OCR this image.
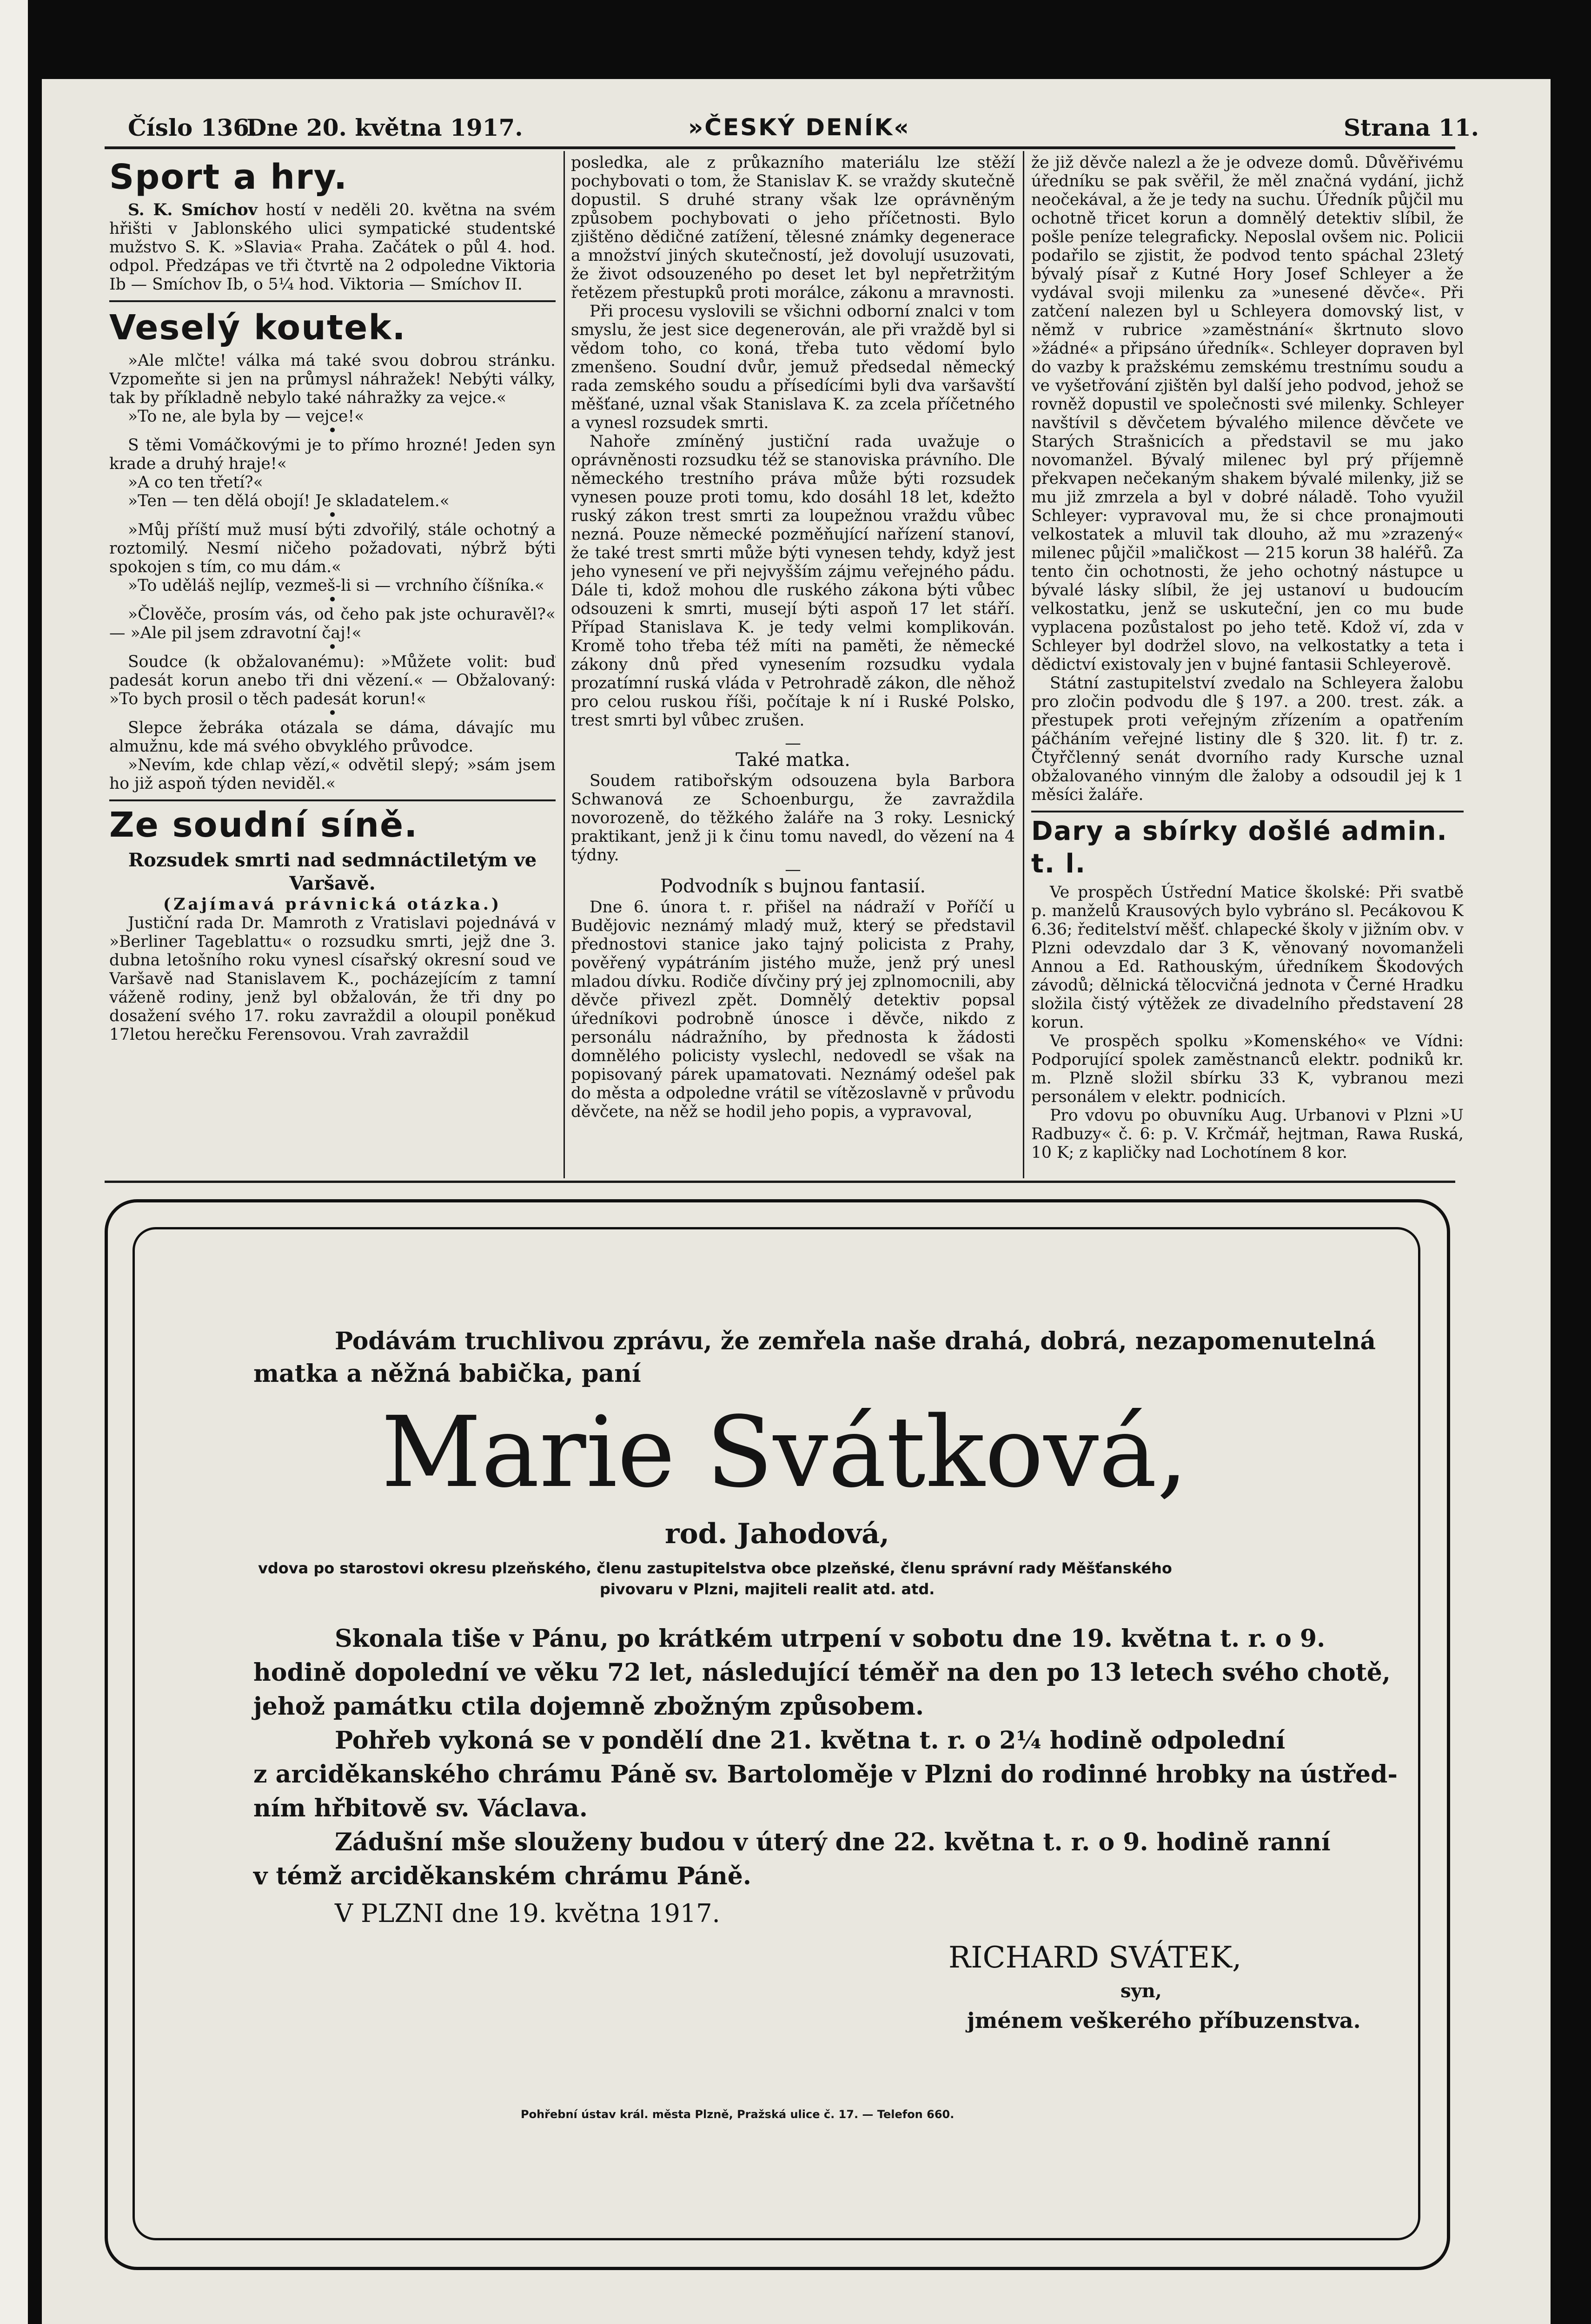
Číslo 136.
Dne 20. května 1917.	»ČESKÝ DENÍK«	Strana 11.
Sport a hry.

S. K. Smíchov hostí v neděli 20. května na svém hřišti v Jablonského ulici sympatické studentské mužstvo S. K. »Slavia« Praha. Začátek o půl 4. hod. odpol. Předzápas ve tři čtvrtě na 2 odpoledne Viktoria Ib — Smíchov Ib, o 5¼ hod. Viktoria — Smíchov II.

Veselý koutek.

»Ale mlčte! válka má také svou dobrou stránku. Vzpomeňte si jen na průmysl náhražek! Nebýti války, tak by příkladně nebylo také náhražky za vejce.«

»To ne, ale byla by — vejce!«

•

S těmi Vomáčkovými je to přímo hrozné! Jeden syn krade a druhý hraje!«

»A co ten třetí?«

»Ten — ten dělá obojí! Je skladatelem.«

•

»Můj příští muž musí býti zdvořilý, stále ochotný a roztomilý. Nesmí ničeho požadovati, nýbrž býti spokojen s tím, co mu dám.«

»To uděláš nejlíp, vezmeš-li si — vrchního číšníka.«

•

»Člověče, prosím vás, od čeho pak jste ochuravěl?« — »Ale pil jsem zdravotní čaj!«

•

Soudce (k obžalovanému): »Můžete volit: buď padesát korun anebo tři dni vězení.« — Obžalovaný: »To bych prosil o těch padesát korun!«

•

Slepce žebráka otázala se dáma, dávajíc mu almužnu, kde má svého obvyklého průvodce.

»Nevím, kde chlap vězí,« odvětil slepý; »sám jsem ho již aspoň týden neviděl.«

Ze soudní síně.

Rozsudek smrti nad sedmnáctiletým ve Varšavě.

(Zajímavá právnická otázka.)

Justiční rada Dr. Mamroth z Vratislavi pojednává v »Berliner Tageblattu« o rozsudku smrti, jejž dne 3. dubna letošního roku vynesl císařský okresní soud ve Varšavě nad Stanislavem K., pocházejícím z tamní váženě rodiny, jenž byl obžalován, že tři dny po dosažení svého 17. roku zavraždil a oloupil poněkud 17letou herečku Ferensovou. Vrah zavraždil

posledka, ale z průkazního materiálu lze stěží pochybovati o tom, že Stanislav K. se vraždy skutečně dopustil. S druhé strany však lze oprávněným způsobem pochybovati o jeho příčetnosti. Bylo zjištěno dědičné zatížení, tělesné známky degenerace a množství jiných skutečností, jež dovolují usuzovati, že život odsouzeného po deset let byl nepřetržitým řetězem přestupků proti morálce, zákonu a mravnosti.

Při procesu vyslovili se všichni odborní znalci v tom smyslu, že jest sice degenerován, ale při vraždě byl si vědom toho, co koná, třeba tuto vědomí bylo zmenšeno. Soudní dvůr, jemuž předsedal německý rada zemského soudu a přísedícími byli dva varšavští měšťané, uznal však Stanislava K. za zcela příčetného a vynesl rozsudek smrti.

Nahoře zmíněný justiční rada uvažuje o oprávněnosti rozsudku též se stanoviska právního. Dle německého trestního práva může býti rozsudek vynesen pouze proti tomu, kdo dosáhl 18 let, kdežto ruský zákon trest smrti za loupežnou vraždu vůbec nezná. Pouze německé pozměňující nařízení stanoví, že také trest smrti může býti vynesen tehdy, když jest jeho vynesení ve při nejvyšším zájmu veřejného pádu. Dále ti, kdož mohou dle ruského zákona býti vůbec odsouzeni k smrti, musejí býti aspoň 17 let stáří. Případ Stanislava K. je tedy velmi komplikován. Kromě toho třeba též míti na paměti, že německé zákony dnů před vynesením rozsudku vydala prozatímní ruská vláda v Petrohradě zákon, dle něhož pro celou ruskou říši, počítaje k ní i Ruské Polsko, trest smrti byl vůbec zrušen.

—

Také matka.

Soudem ratibořským odsouzena byla Barbora Schwanová ze Schoenburgu, že zavraždila novorozeně, do těžkého žaláře na 3 roky. Lesnický praktikant, jenž ji k činu tomu navedl, do vězení na 4 týdny.

—

Podvodník s bujnou fantasií.

Dne 6. února t. r. přišel na nádraží v Poříčí u Budějovic neznámý mladý muž, který se představil přednostovi stanice jako tajný policista z Prahy, pověřený vypátráním jistého muže, jenž prý unesl mladou dívku. Rodiče dívčiny prý jej zplnomocnili, aby děvče přivezl zpět. Domnělý detektiv popsal úředníkovi podrobně únosce i děvče, nikdo z personálu nádražního, by přednosta k žádosti domnělého policisty vyslechl, nedovedl se však na popisovaný párek upamatovati. Neznámý odešel pak do města a odpoledne vrátil se vítězoslavně v průvodu děvčete, na něž se hodil jeho popis, a vypravoval,

že již děvče nalezl a že je odveze domů. Důvěřivému úředníku se pak svěřil, že měl značná vydání, jichž neočekával, a že je tedy na suchu. Úředník půjčil mu ochotně třicet korun a domnělý detektiv slíbil, že pošle peníze telegraficky. Neposlal ovšem nic. Policii podařilo se zjistit, že podvod tento spáchal 23letý bývalý písař z Kutné Hory Josef Schleyer a že vydával svoji milenku za »unesené děvče«. Při zatčení nalezen byl u Schleyera domovský list, v němž v rubrice »zaměstnání« škrtnuto slovo »žádné« a připsáno úředník«. Schleyer dopraven byl do vazby k pražskému zemskému trestnímu soudu a ve vyšetřování zjištěn byl další jeho podvod, jehož se rovněž dopustil ve společnosti své milenky. Schleyer navštívil s děvčetem bývalého milence děvčete ve Starých Strašnicích a představil se mu jako novomanžel. Bývalý milenec byl prý příjemně překvapen nečekaným shakem bývalé milenky, již se mu již zmrzela a byl v dobré náladě. Toho využil Schleyer: vypravoval mu, že si chce pronajmouti velkostatek a mluvil tak dlouho, až mu »zrazený« milenec půjčil »maličkost — 215 korun 38 haléřů. Za tento čin ochotnosti, že jeho ochotný nástupce u bývalé lásky slíbil, že jej ustanoví u budoucím velkostatku, jenž se uskuteční, jen co mu bude vyplacena pozůstalost po jeho tetě. Kdož ví, zda v Schleyer byl dodržel slovo, na velkostatky a teta i dědictví existovaly jen v bujné fantasii Schleyerově.

Státní zastupitelství zvedalo na Schleyera žalobu pro zločin podvodu dle § 197. a 200. trest. zák. a přestupek proti veřejným zřízením a opatřením páčháním veřejné listiny dle § 320. lit. f) tr. z. Čtyřčlenný senát dvorního rady Kursche uznal obžalovaného vinným dle žaloby a odsoudil jej k 1 měsíci žaláře.

Dary a sbírky došlé admin. t. l.

Ve prospěch Ústřední Matice školské: Při svatbě p. manželů Krausových bylo vybráno sl. Pecákovou K 6.36; ředitelství měšť. chlapecké školy v jižním obv. v Plzni odevzdalo dar 3 K, věnovaný novomanželi Annou a Ed. Rathouským, úředníkem Škodových závodů; dělnická tělocvičná jednota v Černé Hradku složila čistý výtěžek ze divadelního představení 28 korun.

Ve prospěch spolku »Komenského« ve Vídni: Podporující spolek zaměstnanců elektr. podniků kr. m. Plzně složil sbírku 33 K, vybranou mezi personálem v elektr. podnicích.

Pro vdovu po obuvníku Aug. Urbanovi v Plzni »U Radbuzy« č. 6: p. V. Krčmář, hejtman, Rawa Ruská, 10 K; z kapličky nad Lochotínem 8 kor.

Podávám truchlivou zprávu, že zemřela naše drahá, dobrá, nezapomenutelná
matka a něžná babička, paní
Marie Svátková,
rod. Jahodová,
vdova po starostovi okresu plzeňského, členu zastupitelstva obce plzeňské, členu správní rady Měšťanského
pivovaru v Plzni, majiteli realit atd. atd.
Skonala tiše v Pánu, po krátkém utrpení v sobotu dne 19. května t. r. o 9.
hodině dopolední ve věku 72 let, následující téměř na den po 13 letech svého chotě,
jehož památku ctila dojemně zbožným způsobem.
Pohřeb vykoná se v pondělí dne 21. května t. r. o 2¼ hodině odpolední
z arciděkanského chrámu Páně sv. Bartoloměje v Plzni do rodinné hrobky na ústřed-
ním hřbitově sv. Václava.
Zádušní mše slouženy budou v úterý dne 22. května t. r. o 9. hodině ranní
v témž arciděkanském chrámu Páně.
V PLZNI dne 19. května 1917.
RICHARD SVÁTEK,
syn,
jménem veškerého příbuzenstva.
Pohřební ústav král. města Plzně, Pražská ulice č. 17. — Telefon 660.
